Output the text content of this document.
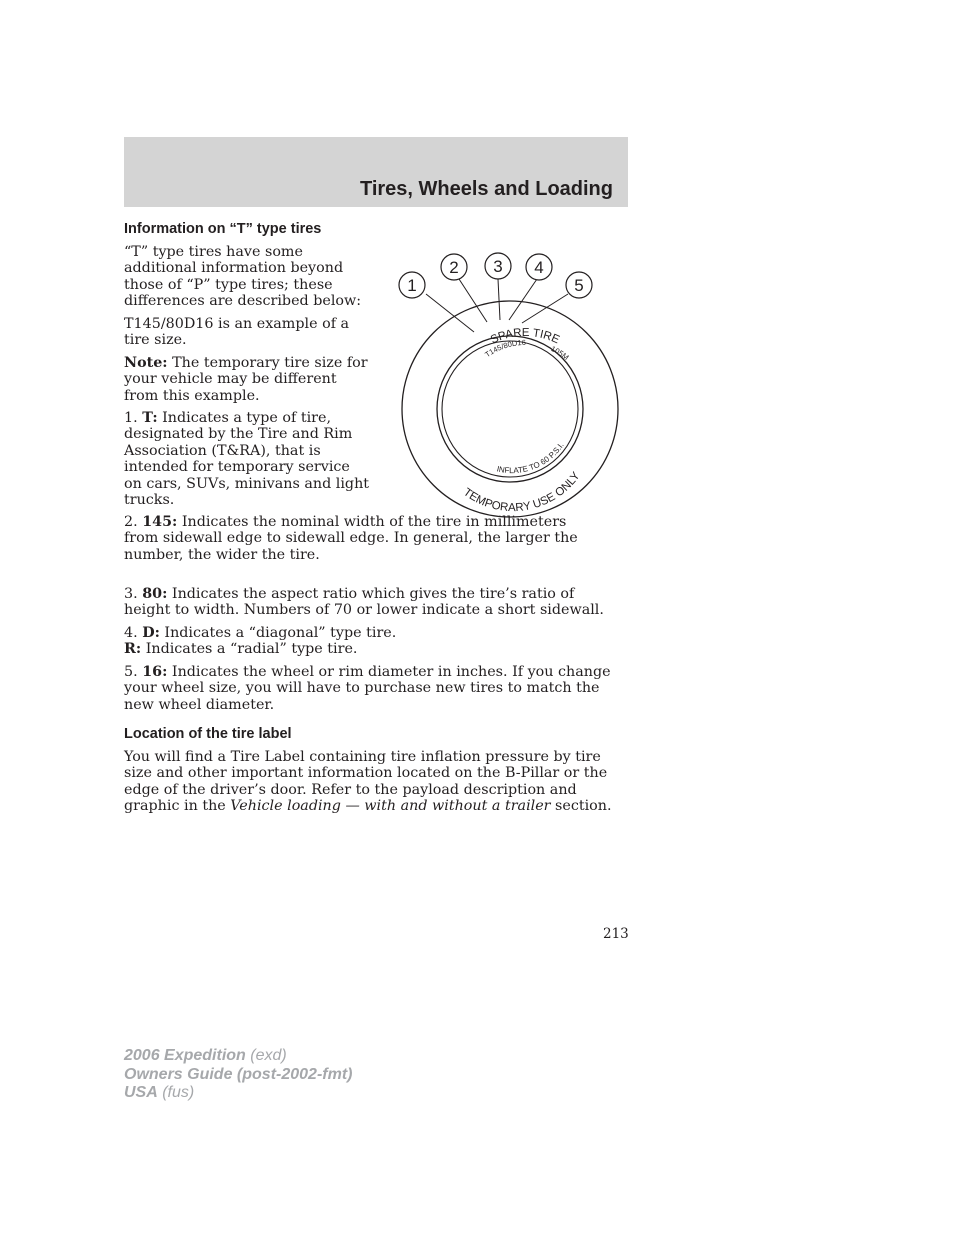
Tires, Wheels and Loading
Information on “T” type tires

“T” type tires have some additional information beyond those of “P” type tires; these differences are described below:

T145/80D16 is an example of a tire size.

Note: The temporary tire size for your vehicle may be different from this example.

1. T: Indicates a type of tire, designated by the Tire and Rim Association (T&RA), that is intended for temporary service on cars, SUVs, minivans and light trucks.

2. 145: Indicates the nominal width of the tire in millimeters from sidewall edge to sidewall edge. In general, the larger the number, the wider the tire.

3. 80: Indicates the aspect ratio which gives the tire’s ratio of height to width. Numbers of 70 or lower indicate a short sidewall.

4. D: Indicates a “diagonal” type tire.
R: Indicates a “radial” type tire.

5. 16: Indicates the wheel or rim diameter in inches. If you change your wheel size, you will have to purchase new tires to match the new wheel diameter.

Location of the tire label

You will find a Tire Label containing tire inflation pressure by tire size and other important information located on the B-Pillar or the edge of the driver’s door. Refer to the payload description and graphic in the Vehicle loading — with and without a trailer section.

SPARE TIRE
T145/80D16
105M
INFLATE TO 60 P.S.I.
TEMPORARY USE ONLY
1
2 3 4
5

213

2006 Expedition (exd)
Owners Guide (post-2002-fmt)
USA (fus)
